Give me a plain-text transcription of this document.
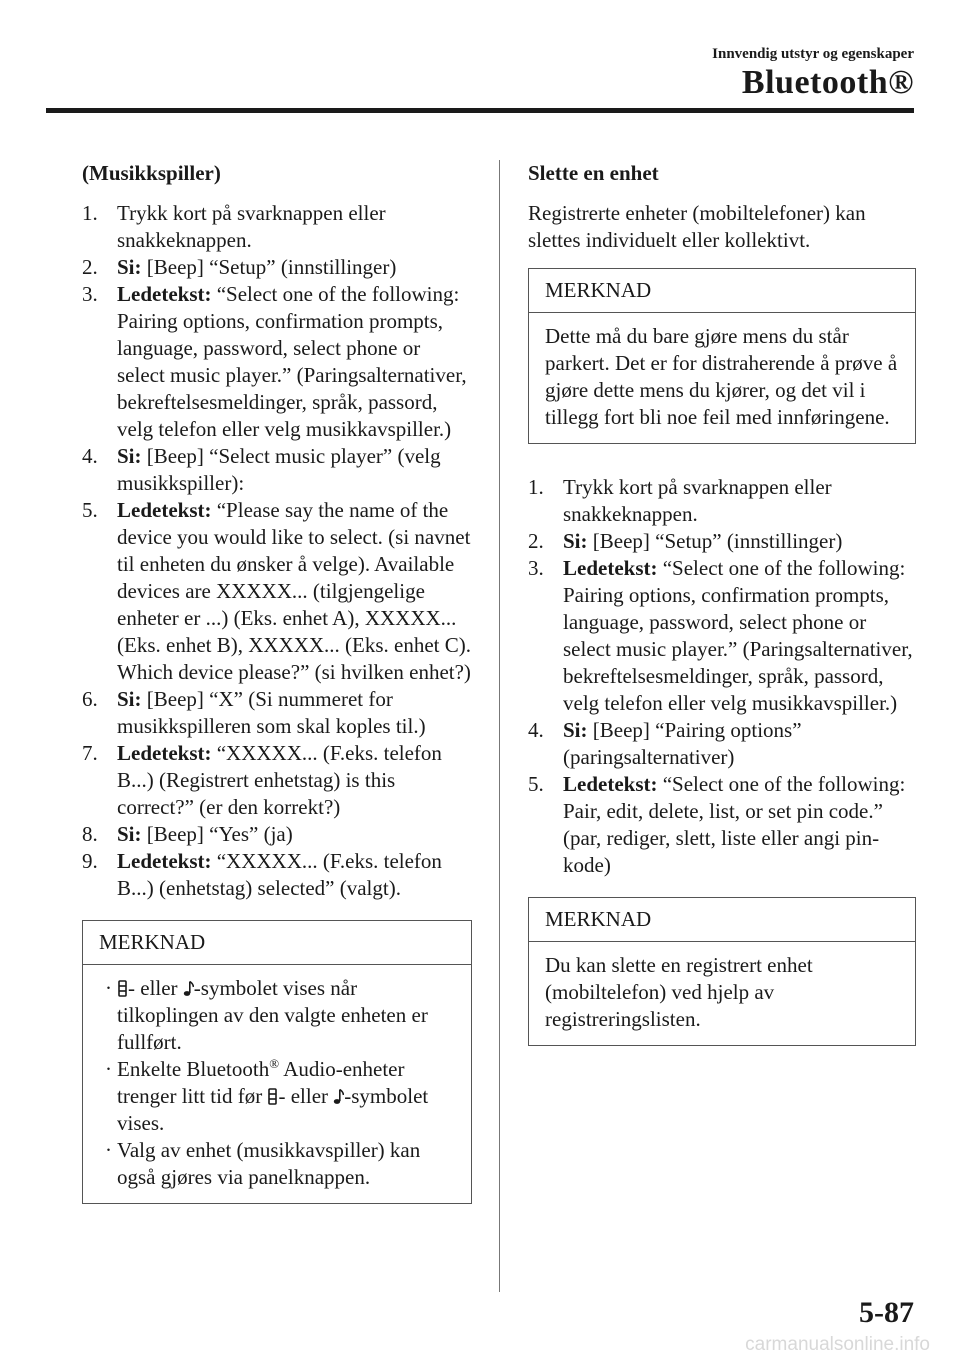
Innvendig utstyr og egenskaper
Bluetooth®
(Musikkspiller)
1. Trykk kort på svarknappen eller snakkeknappen.
2. Si: [Beep] “Setup” (innstillinger)
3. Ledetekst: “Select one of the following: Pairing options, confirmation prompts, language, password, select phone or select music player.” (Paringsalternativer, bekreftelsesmeldinger, språk, passord, velg telefon eller velg musikkavspiller.)
4. Si: [Beep] “Select music player” (velg musikkspiller):
5. Ledetekst: “Please say the name of the device you would like to select. (si navnet til enheten du ønsker å velge). Available devices are XXXXX... (tilgjengelige enheter er ...) (Eks. enhet A), XXXXX... (Eks. enhet B), XXXXX... (Eks. enhet C). Which device please?” (si hvilken enhet?)
6. Si: [Beep] “X” (Si nummeret for musikkspilleren som skal koples til.)
7. Ledetekst: “XXXXX... (F.eks. telefon B...) (Registrert enhetstag) is this correct?” (er den korrekt?)
8. Si: [Beep] “Yes” (ja)
9. Ledetekst: “XXXXX... (F.eks. telefon B...) (enhetstag) selected” (valgt).
MERKNAD
· - eller -symbolet vises når tilkoplingen av den valgte enheten er fullført.
· Enkelte Bluetooth® Audio-enheter trenger litt tid før - eller -symbolet vises.
· Valg av enhet (musikkavspiller) kan også gjøres via panelknappen.
Slette en enhet
Registrerte enheter (mobiltelefoner) kan slettes individuelt eller kollektivt.
MERKNAD
Dette må du bare gjøre mens du står parkert. Det er for distraherende å prøve å gjøre dette mens du kjører, og det vil i tillegg fort bli noe feil med innføringene.
1. Trykk kort på svarknappen eller snakkeknappen.
2. Si: [Beep] “Setup” (innstillinger)
3. Ledetekst: “Select one of the following: Pairing options, confirmation prompts, language, password, select phone or select music player.” (Paringsalternativer, bekreftelsesmeldinger, språk, passord, velg telefon eller velg musikkavspiller.)
4. Si: [Beep] “Pairing options” (paringsalternativer)
5. Ledetekst: “Select one of the following: Pair, edit, delete, list, or set pin code.” (par, rediger, slett, liste eller angi pin-kode)
MERKNAD
Du kan slette en registrert enhet (mobiltelefon) ved hjelp av registreringslisten.
5-87
carmanualsonline.info
